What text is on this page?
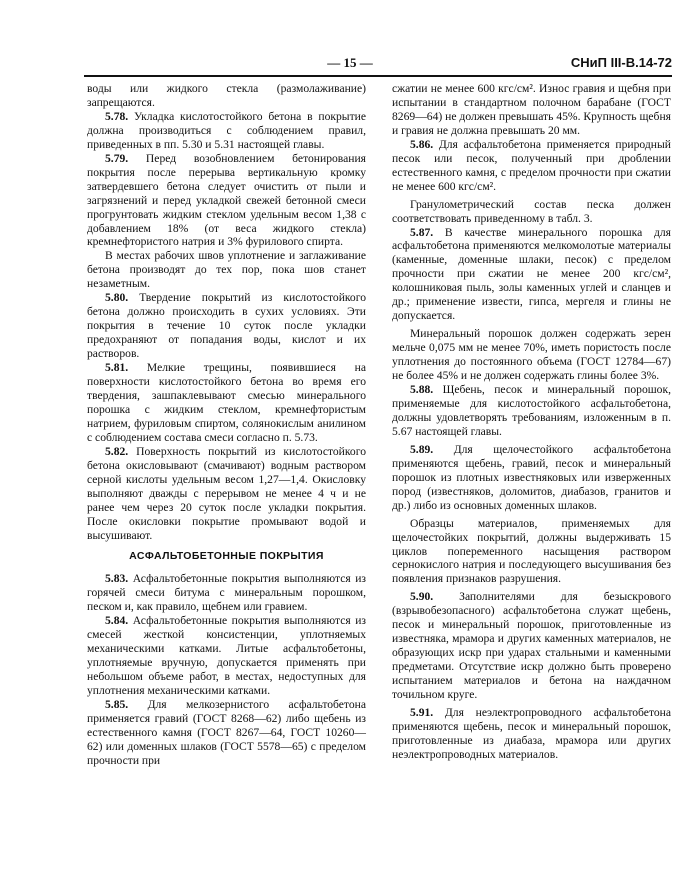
— 15 —	СНиП III-В.14-72

воды или жидкого стекла (размолаживание) запрещаются.

5.78. Укладка кислотостойкого бетона в покрытие должна производиться с соблюдением правил, приведенных в пп. 5.30 и 5.31 настоящей главы.

5.79. Перед возобновлением бетонирования покрытия после перерыва вертикальную кромку затвердевшего бетона следует очистить от пыли и загрязнений и перед укладкой свежей бетонной смеси прогрунтовать жидким стеклом удельным весом 1,38 с добавлением 18% (от веса жидкого стекла) кремнефтористого натрия и 3% фурилового спирта.

В местах рабочих швов уплотнение и заглаживание бетона производят до тех пор, пока шов станет незаметным.

5.80. Твердение покрытий из кислотостойкого бетона должно происходить в сухих условиях. Эти покрытия в течение 10 суток после укладки предохраняют от попадания воды, кислот и их растворов.

5.81. Мелкие трещины, появившиеся на поверхности кислотостойкого бетона во время его твердения, зашпаклевывают смесью минерального порошка с жидким стеклом, кремнефтористым натрием, фуриловым спиртом, солянокислым анилином с соблюдением состава смеси согласно п. 5.73.

5.82. Поверхность покрытий из кислотостойкого бетона окисловывают (смачивают) водным раствором серной кислоты удельным весом 1,27—1,4. Окисловку выполняют дважды с перерывом не менее 4 ч и не ранее чем через 20 суток после укладки покрытия. После окисловки покрытие промывают водой и высушивают.

АСФАЛЬТОБЕТОННЫЕ ПОКРЫТИЯ

5.83. Асфальтобетонные покрытия выполняются из горячей смеси битума с минеральным порошком, песком и, как правило, щебнем или гравием.

5.84. Асфальтобетонные покрытия выполняются из смесей жесткой консистенции, уплотняемых механическими катками. Литые асфальтобетоны, уплотняемые вручную, допускается применять при небольшом объеме работ, в местах, недоступных для уплотнения механическими катками.

5.85. Для мелкозернистого асфальтобетона применяется гравий (ГОСТ 8268—62) либо щебень из естественного камня (ГОСТ 8267—64, ГОСТ 10260—62) или доменных шлаков (ГОСТ 5578—65) с пределом прочности при

сжатии не менее 600 кгс/см². Износ гравия и щебня при испытании в стандартном полочном барабане (ГОСТ 8269—64) не должен превышать 45%. Крупность щебня и гравия не должна превышать 20 мм.

5.86. Для асфальтобетона применяется природный песок или песок, полученный при дроблении естественного камня, с пределом прочности при сжатии не менее 600 кгс/см².

Гранулометрический состав песка должен соответствовать приведенному в табл. 3.

5.87. В качестве минерального порошка для асфальтобетона применяются мелкомолотые материалы (каменные, доменные шлаки, песок) с пределом прочности при сжатии не менее 200 кгс/см², колошниковая пыль, золы каменных углей и сланцев и др.; применение извести, гипса, мергеля и глины не допускается.

Минеральный порошок должен содержать зерен мельче 0,075 мм не менее 70%, иметь пористость после уплотнения до постоянного объема (ГОСТ 12784—67) не более 45% и не должен содержать глины более 3%.

5.88. Щебень, песок и минеральный порошок, применяемые для кислотостойкого асфальтобетона, должны удовлетворять требованиям, изложенным в п. 5.67 настоящей главы.

5.89. Для щелочестойкого асфальтобетона применяются щебень, гравий, песок и минеральный порошок из плотных известняковых или изверженных пород (известняков, доломитов, диабазов, гранитов и др.) либо из основных доменных шлаков.

Образцы материалов, применяемых для щелочестойких покрытий, должны выдерживать 15 циклов попеременного насыщения раствором сернокислого натрия и последующего высушивания без появления признаков разрушения.

5.90. Заполнителями для безыскрового (взрывобезопасного) асфальтобетона служат щебень, песок и минеральный порошок, приготовленные из известняка, мрамора и других каменных материалов, не образующих искр при ударах стальными и каменными предметами. Отсутствие искр должно быть проверено испытанием материалов и бетона на наждачном точильном круге.

5.91. Для неэлектропроводного асфальтобетона применяются щебень, песок и минеральный порошок, приготовленные из диабаза, мрамора или других неэлектропроводных материалов.
